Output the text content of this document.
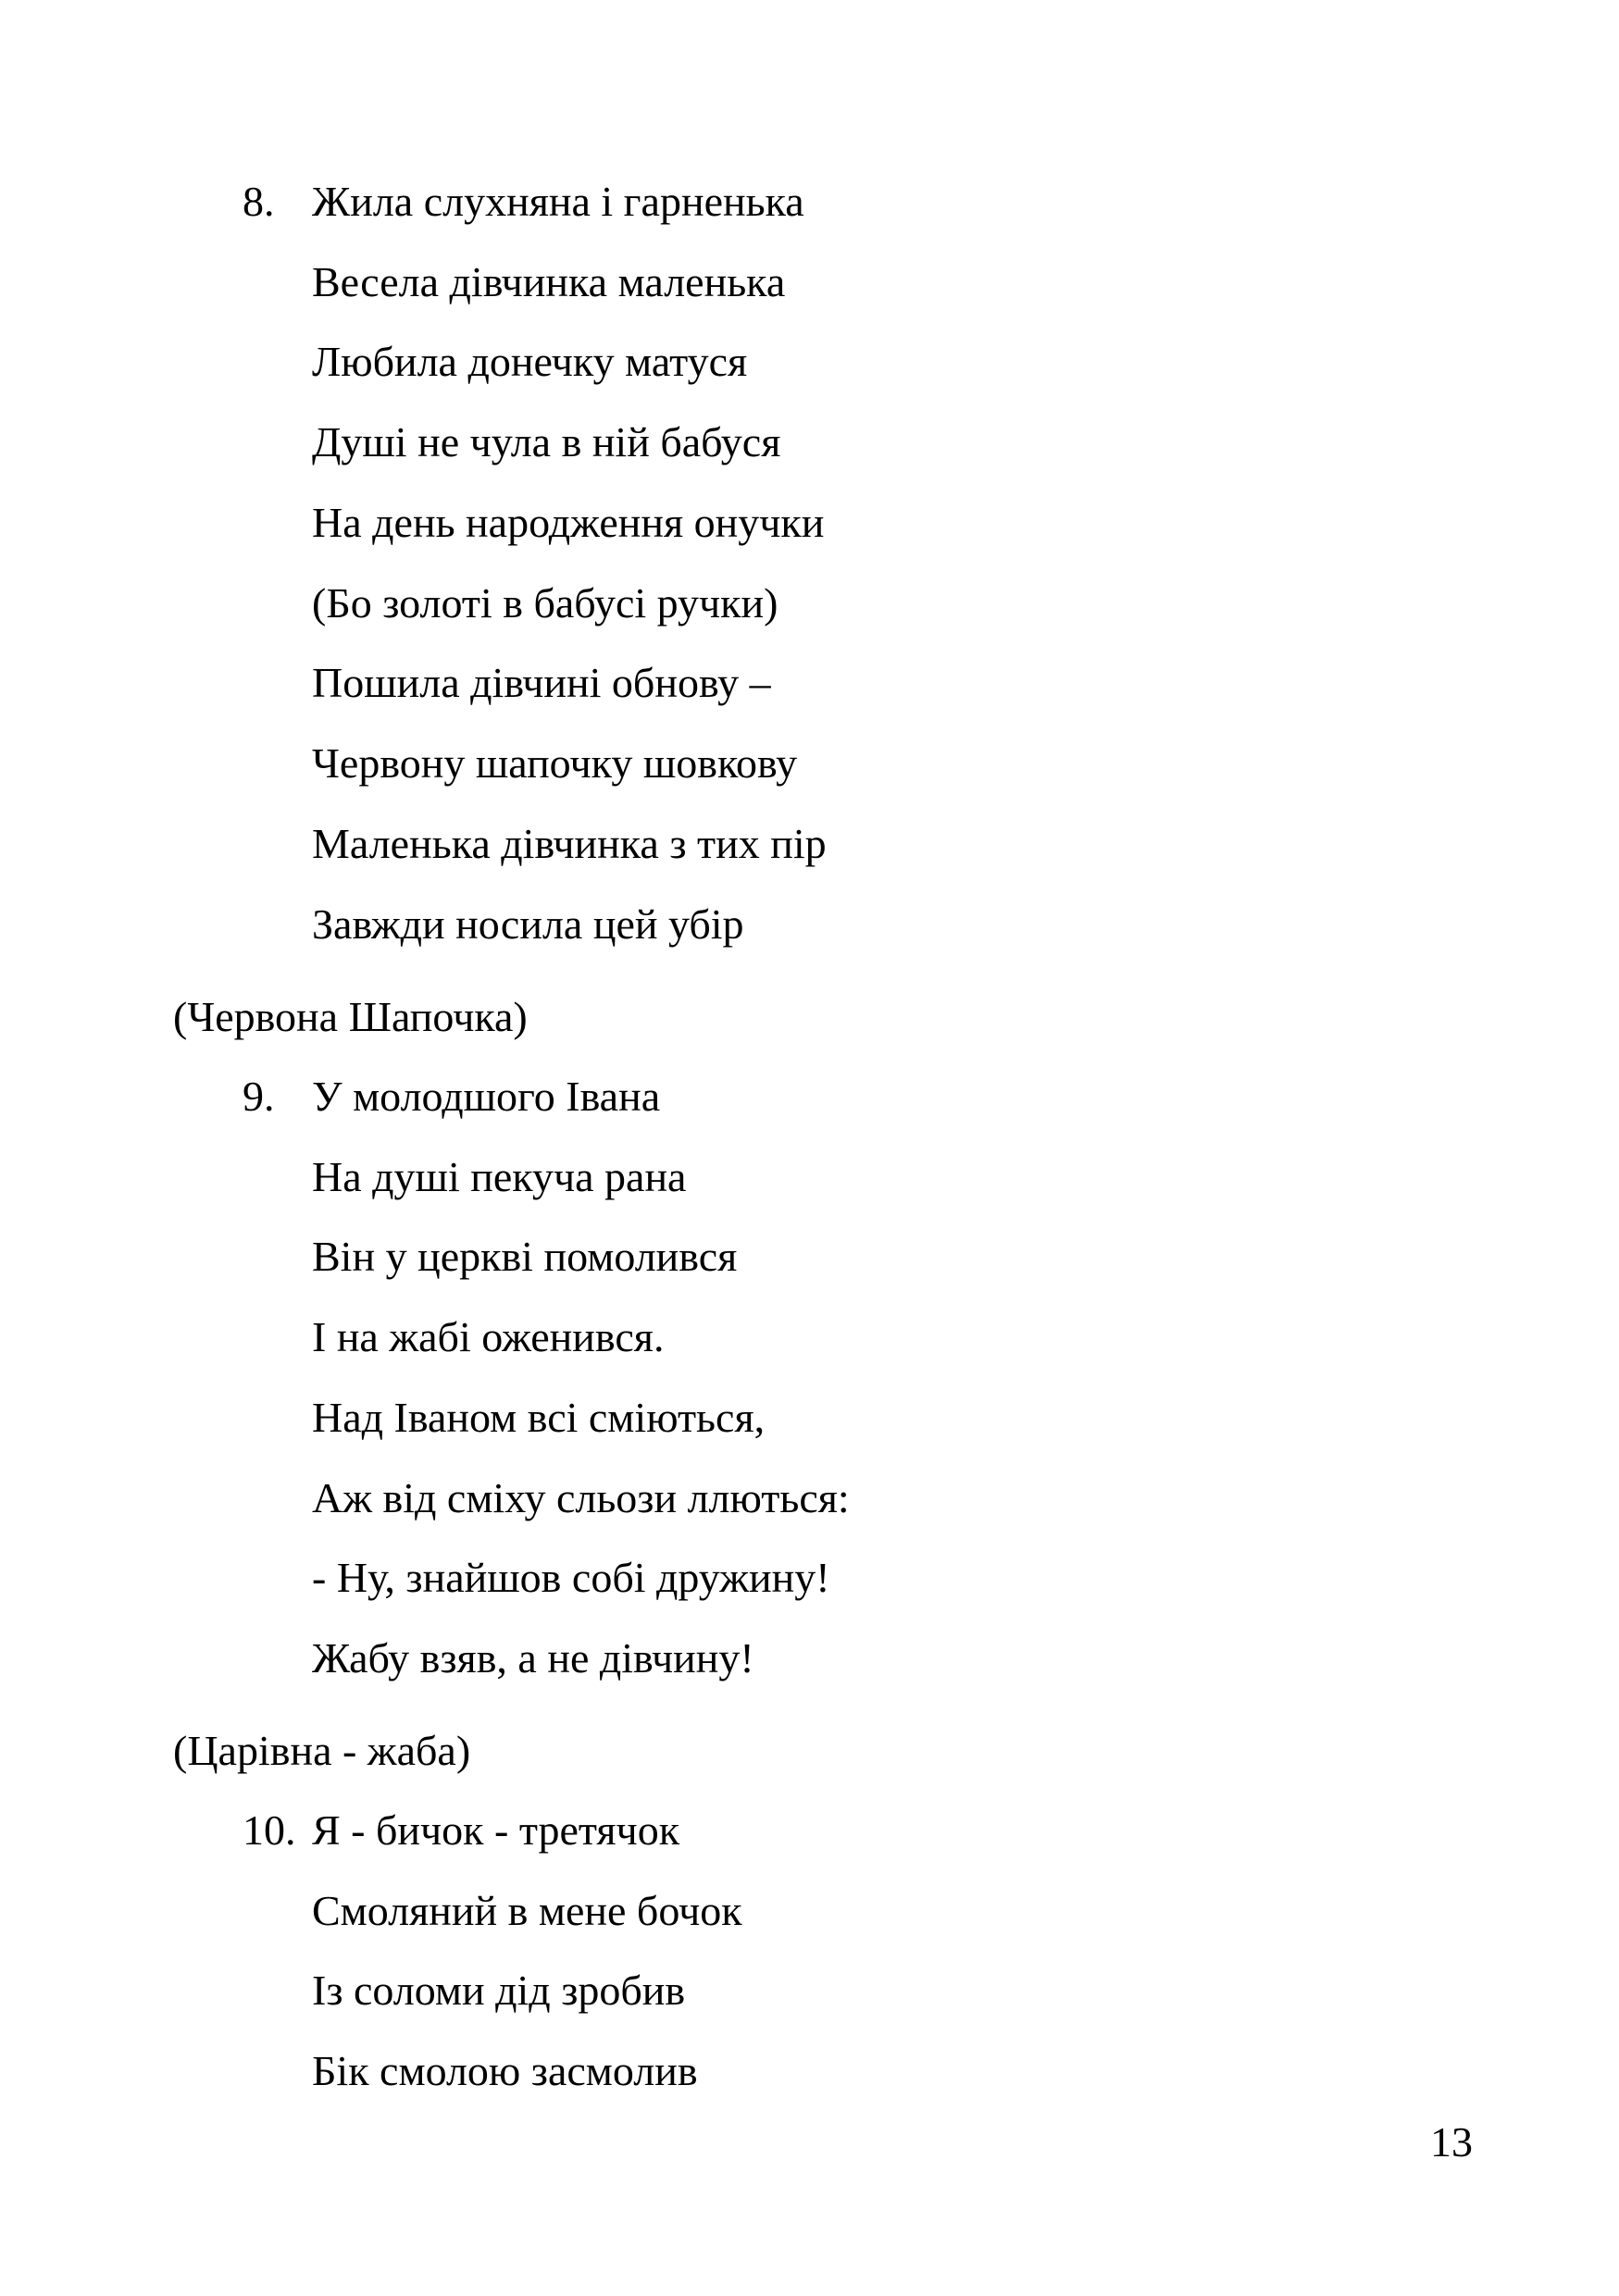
8. Жила слухняна і гарненька
Весела дівчинка маленька
Любила донечку матуся
Душі не чула в ній бабуся
На день народження онучки
(Бо золоті в бабусі ручки)
Пошила дівчині обнову –
Червону шапочку шовкову
Маленька дівчинка з тих пір
Завжди носила цей убір
(Червона Шапочка)
9. У молодшого Івана
На душі пекуча рана
Він у церкві помолився
І на жабі оженився.
Над Іваном всі сміються,
Аж від сміху сльози ллються:
- Ну, знайшов собі дружину!
Жабу взяв, а не дівчину!
(Царівна - жаба)
10. Я - бичок - третячок
Смоляний в мене бочок
Із соломи дід зробив
Бік смолою засмолив
13
